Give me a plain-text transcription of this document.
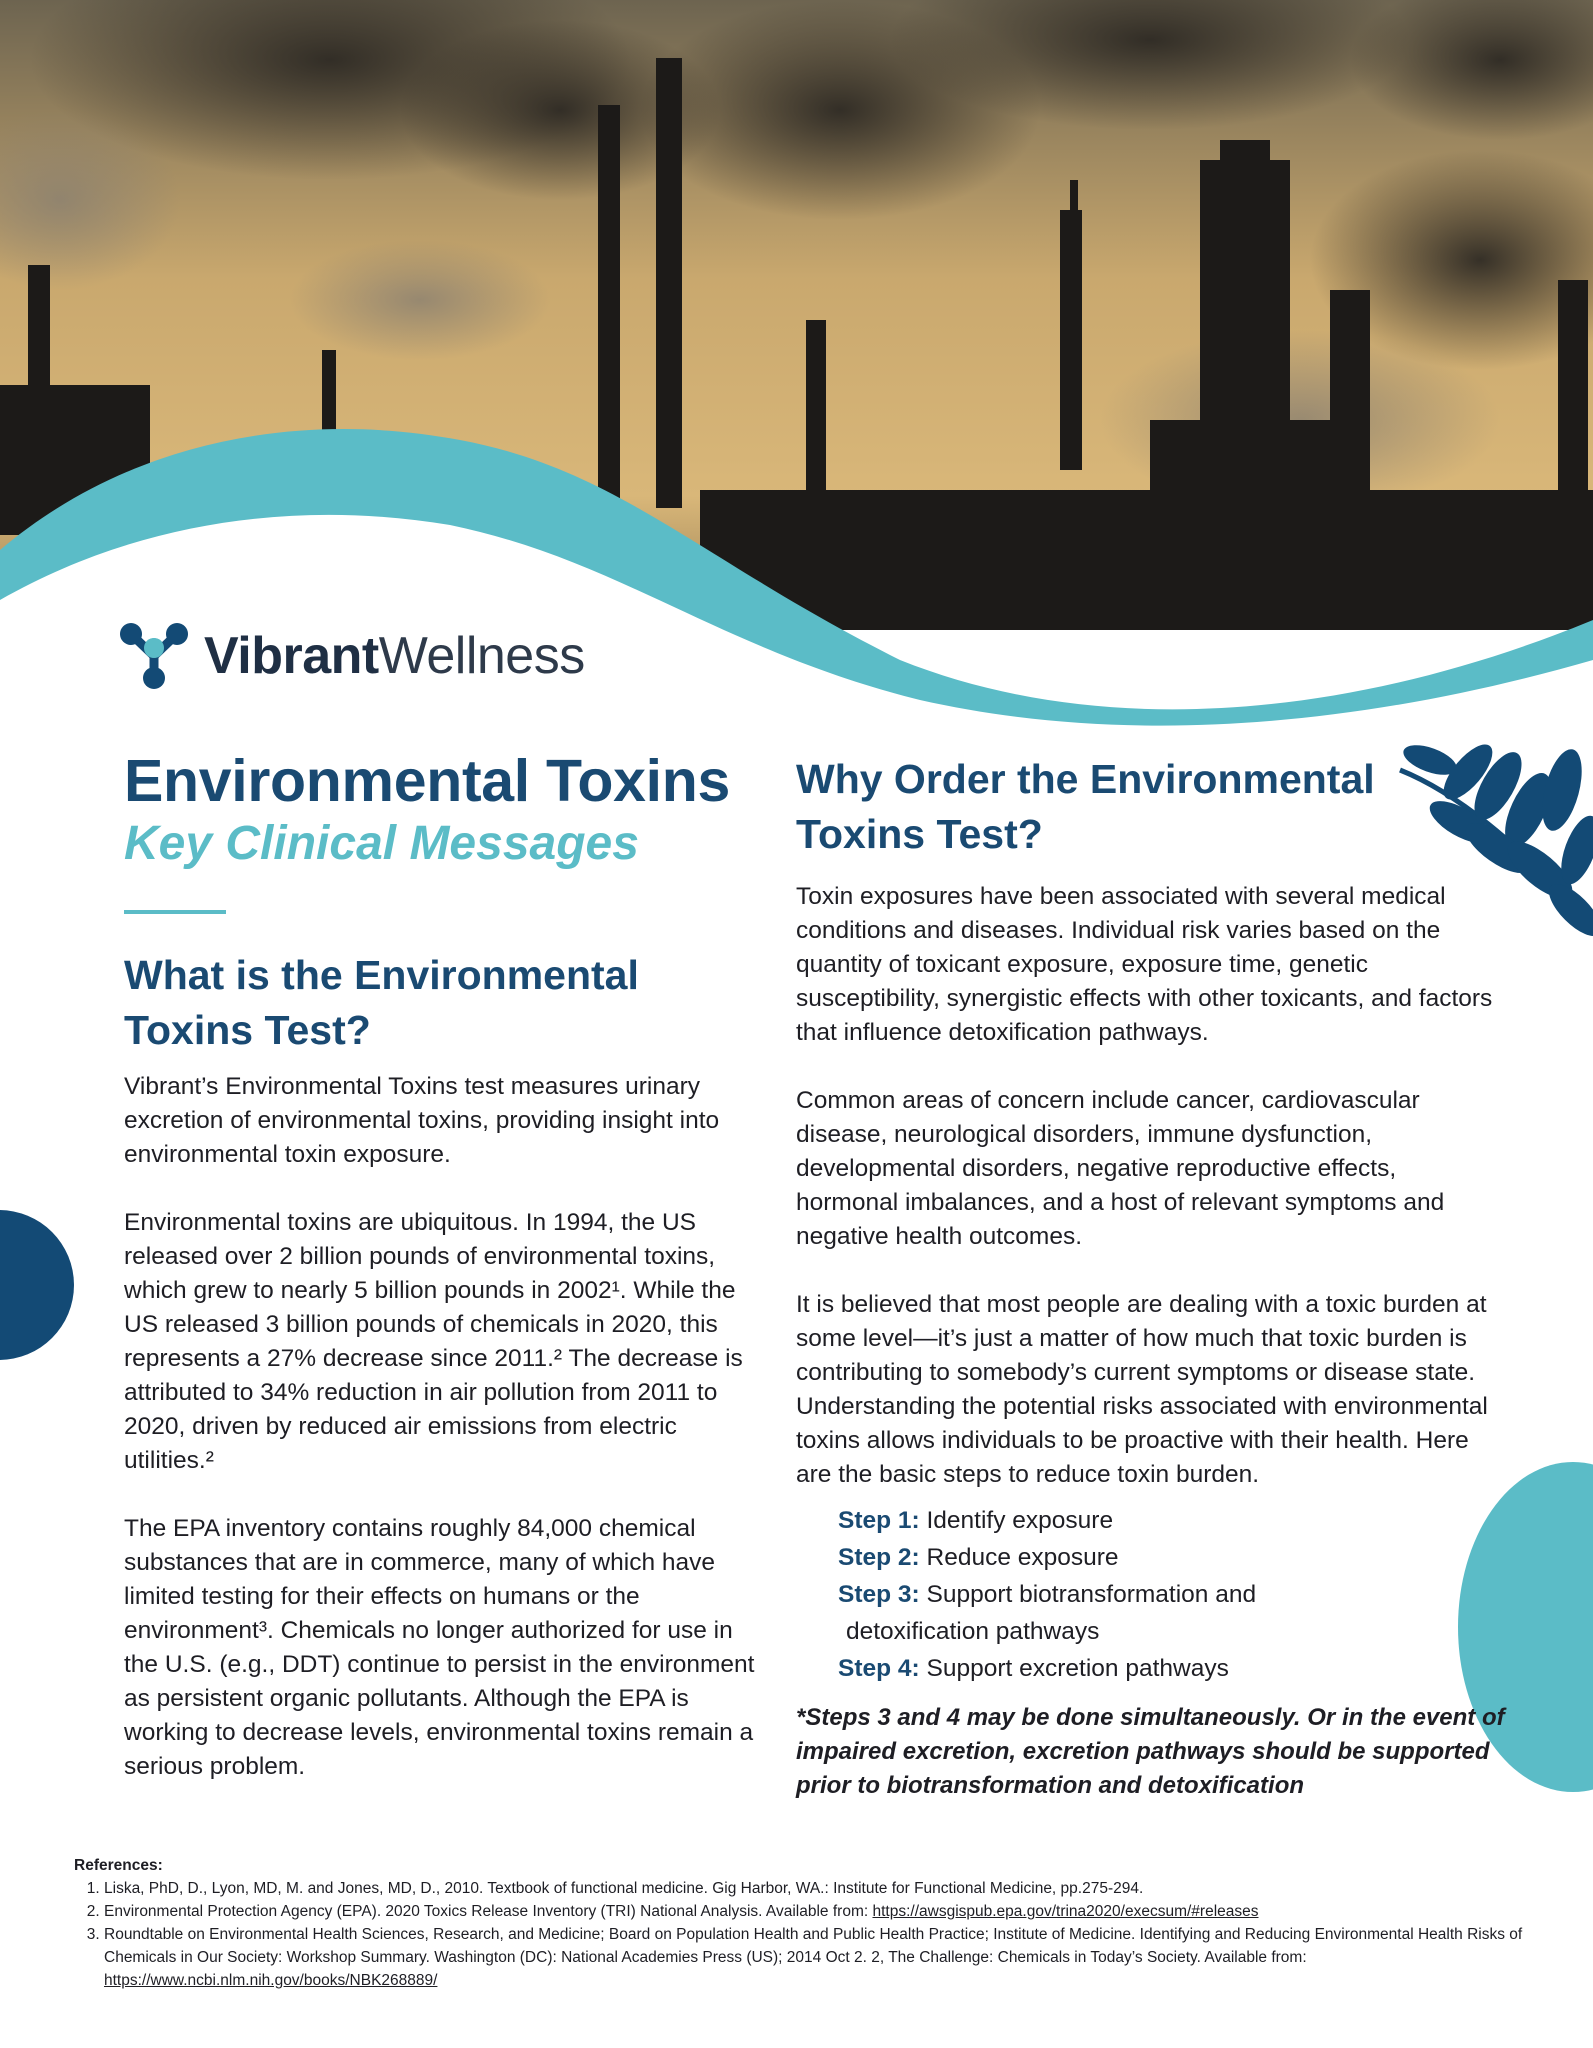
VibrantWellness
Environmental Toxins
Key Clinical Messages
What is the Environmental
Toxins Test?

Vibrant’s Environmental Toxins test measures urinary excretion of environmental toxins, providing insight into environmental toxin exposure.

Environmental toxins are ubiquitous. In 1994, the US released over 2 billion pounds of environmental toxins, which grew to nearly 5 billion pounds in 2002¹. While the US released 3 billion pounds of chemicals in 2020, this represents a 27% decrease since 2011.² The decrease is attributed to 34% reduction in air pollution from 2011 to 2020, driven by reduced air emissions from electric utilities.²

The EPA inventory contains roughly 84,000 chemical substances that are in commerce, many of which have limited testing for their effects on humans or the environment³. Chemicals no longer authorized for use in the U.S. (e.g., DDT) continue to persist in the environment as persistent organic pollutants. Although the EPA is working to decrease levels, environmental toxins remain a serious problem.

Why Order the Environmental
Toxins Test?

Toxin exposures have been associated with several medical conditions and diseases. Individual risk varies based on the quantity of toxicant exposure, exposure time, genetic susceptibility, synergistic effects with other toxicants, and factors that influence detoxification pathways.

Common areas of concern include cancer, cardiovascular disease, neurological disorders, immune dysfunction, developmental disorders, negative reproductive effects, hormonal imbalances, and a host of relevant symptoms and negative health outcomes.

It is believed that most people are dealing with a toxic burden at some level—it’s just a matter of how much that toxic burden is contributing to somebody’s current symptoms or disease state. Understanding the potential risks associated with environmental toxins allows individuals to be proactive with their health. Here are the basic steps to reduce toxin burden.

Step 1: Identify exposure
Step 2: Reduce exposure
Step 3: Support biotransformation and
detoxification pathways
Step 4: Support excretion pathways
*Steps 3 and 4 may be done simultaneously. Or in the event of impaired excretion, excretion pathways should be supported prior to biotransformation and detoxification
References:
1. Liska, PhD, D., Lyon, MD, M. and Jones, MD, D., 2010. Textbook of functional medicine. Gig Harbor, WA.: Institute for Functional Medicine, pp.275-294.
2. Environmental Protection Agency (EPA). 2020 Toxics Release Inventory (TRI) National Analysis. Available from: https://awsgispub.epa.gov/trina2020/execsum/#releases
3. Roundtable on Environmental Health Sciences, Research, and Medicine; Board on Population Health and Public Health Practice; Institute of Medicine. Identifying and Reducing Environmental Health Risks of Chemicals in Our Society: Workshop Summary. Washington (DC): National Academies Press (US); 2014 Oct 2. 2, The Challenge: Chemicals in Today’s Society. Available from: https://www.ncbi.nlm.nih.gov/books/NBK268889/
